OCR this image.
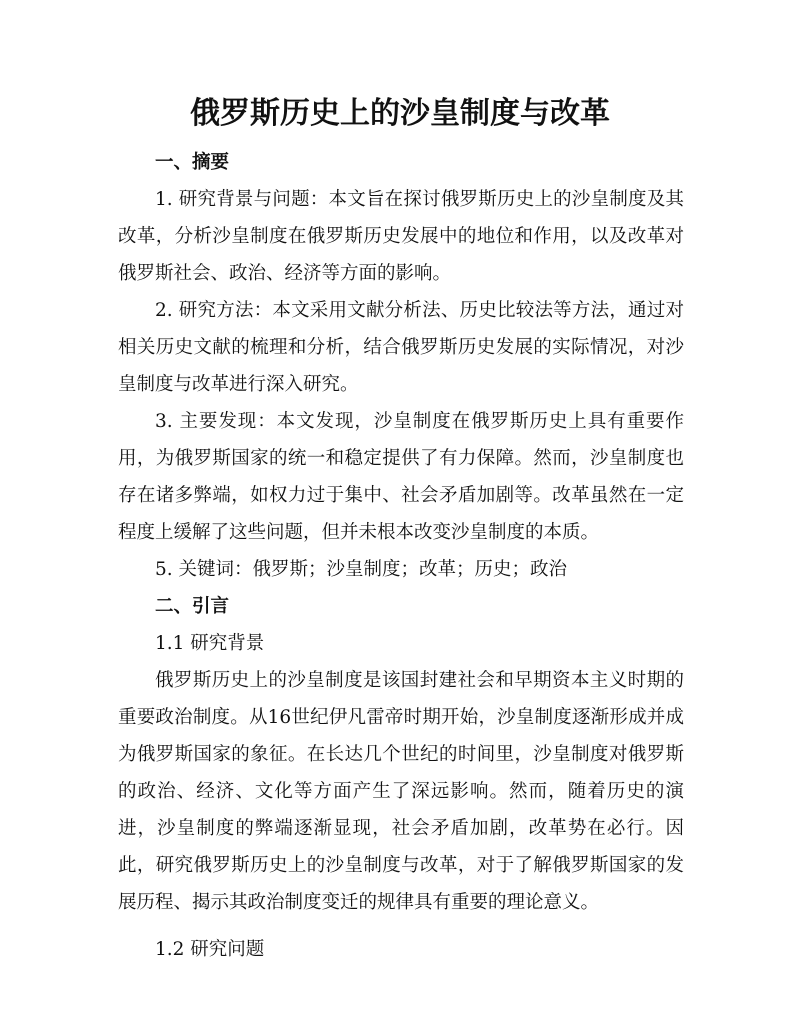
俄罗斯历史上的沙皇制度与改革

一、摘要

1. 研究背景与问题：本文旨在探讨俄罗斯历史上的沙皇制度及其改革，分析沙皇制度在俄罗斯历史发展中的地位和作用，以及改革对俄罗斯社会、政治、经济等方面的影响。

2. 研究方法：本文采用文献分析法、历史比较法等方法，通过对相关历史文献的梳理和分析，结合俄罗斯历史发展的实际情况，对沙皇制度与改革进行深入研究。

3. 主要发现：本文发现，沙皇制度在俄罗斯历史上具有重要作用，为俄罗斯国家的统一和稳定提供了有力保障。然而，沙皇制度也存在诸多弊端，如权力过于集中、社会矛盾加剧等。改革虽然在一定程度上缓解了这些问题，但并未根本改变沙皇制度的本质。

5. 关键词：俄罗斯；沙皇制度；改革；历史；政治

二、引言

1.1 研究背景

俄罗斯历史上的沙皇制度是该国封建社会和早期资本主义时期的重要政治制度。从16世纪伊凡雷帝时期开始，沙皇制度逐渐形成并成为俄罗斯国家的象征。在长达几个世纪的时间里，沙皇制度对俄罗斯的政治、经济、文化等方面产生了深远影响。然而，随着历史的演进，沙皇制度的弊端逐渐显现，社会矛盾加剧，改革势在必行。因此，研究俄罗斯历史上的沙皇制度与改革，对于了解俄罗斯国家的发展历程、揭示其政治制度变迁的规律具有重要的理论意义。

1.2 研究问题
